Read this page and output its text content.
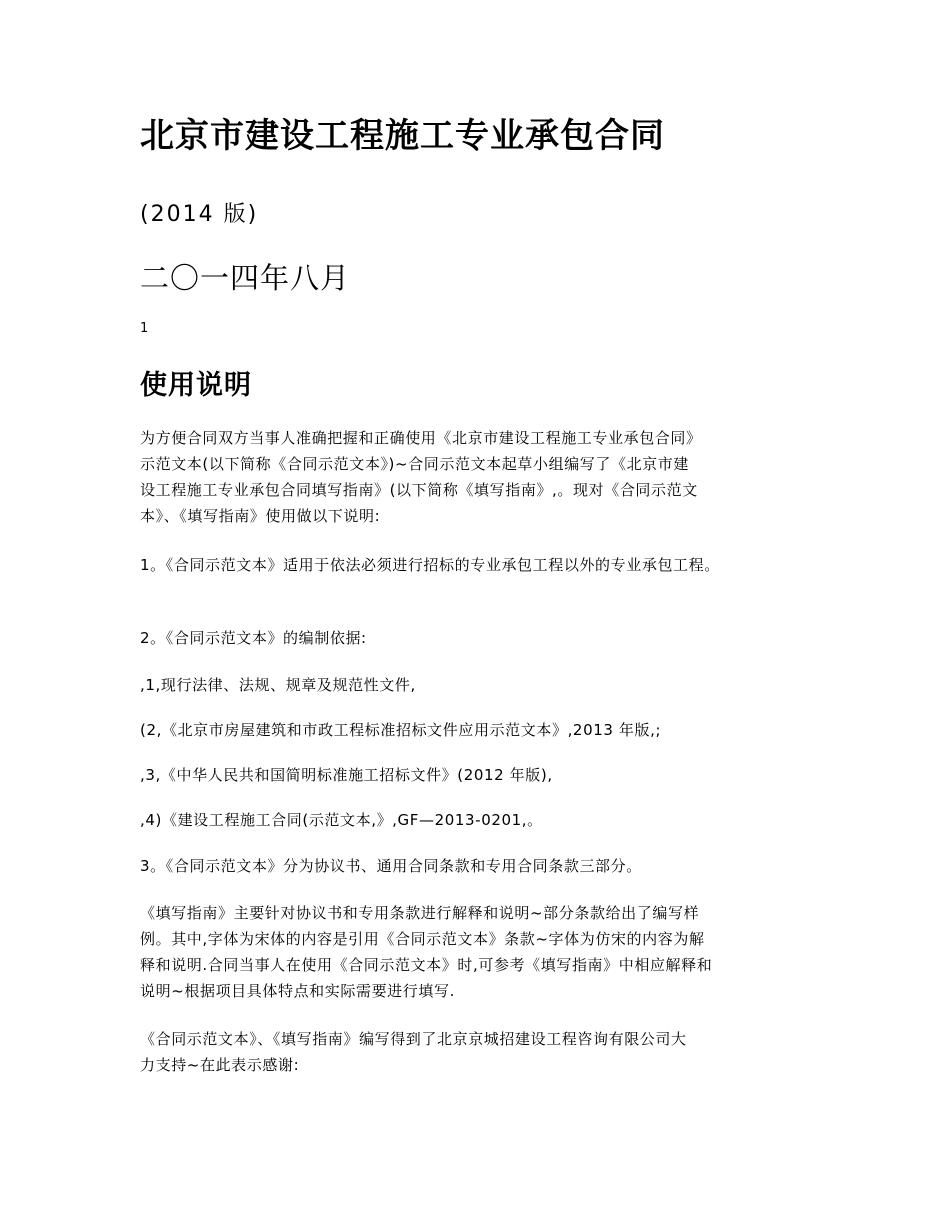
北京市建设工程施工专业承包合同
(2014 版)
二〇一四年八月
1
使用说明
为方便合同双方当事人准确把握和正确使用《北京市建设工程施工专业承包合同》
示范文本(以下简称《合同示范文本》)~合同示范文本起草小组编写了《北京市建
设工程施工专业承包合同填写指南》(以下简称《填写指南》,。现对《合同示范文
本》、《填写指南》使用做以下说明:
1。《合同示范文本》适用于依法必须进行招标的专业承包工程以外的专业承包工程。
2。《合同示范文本》的编制依据:
,1,现行法律、法规、规章及规范性文件,
(2,《北京市房屋建筑和市政工程标准招标文件应用示范文本》,2013 年版,;
,3,《中华人民共和国简明标准施工招标文件》(2012 年版),
,4)《建设工程施工合同(示范文本,》,GF—2013-0201,。
3。《合同示范文本》分为协议书、通用合同条款和专用合同条款三部分。
《填写指南》主要针对协议书和专用条款进行解释和说明~部分条款给出了编写样
例。其中,字体为宋体的内容是引用《合同示范文本》条款~字体为仿宋的内容为解
释和说明.合同当事人在使用《合同示范文本》时,可参考《填写指南》中相应解释和
说明~根据项目具体特点和实际需要进行填写.
《合同示范文本》、《填写指南》编写得到了北京京城招建设工程咨询有限公司大
力支持~在此表示感谢:
